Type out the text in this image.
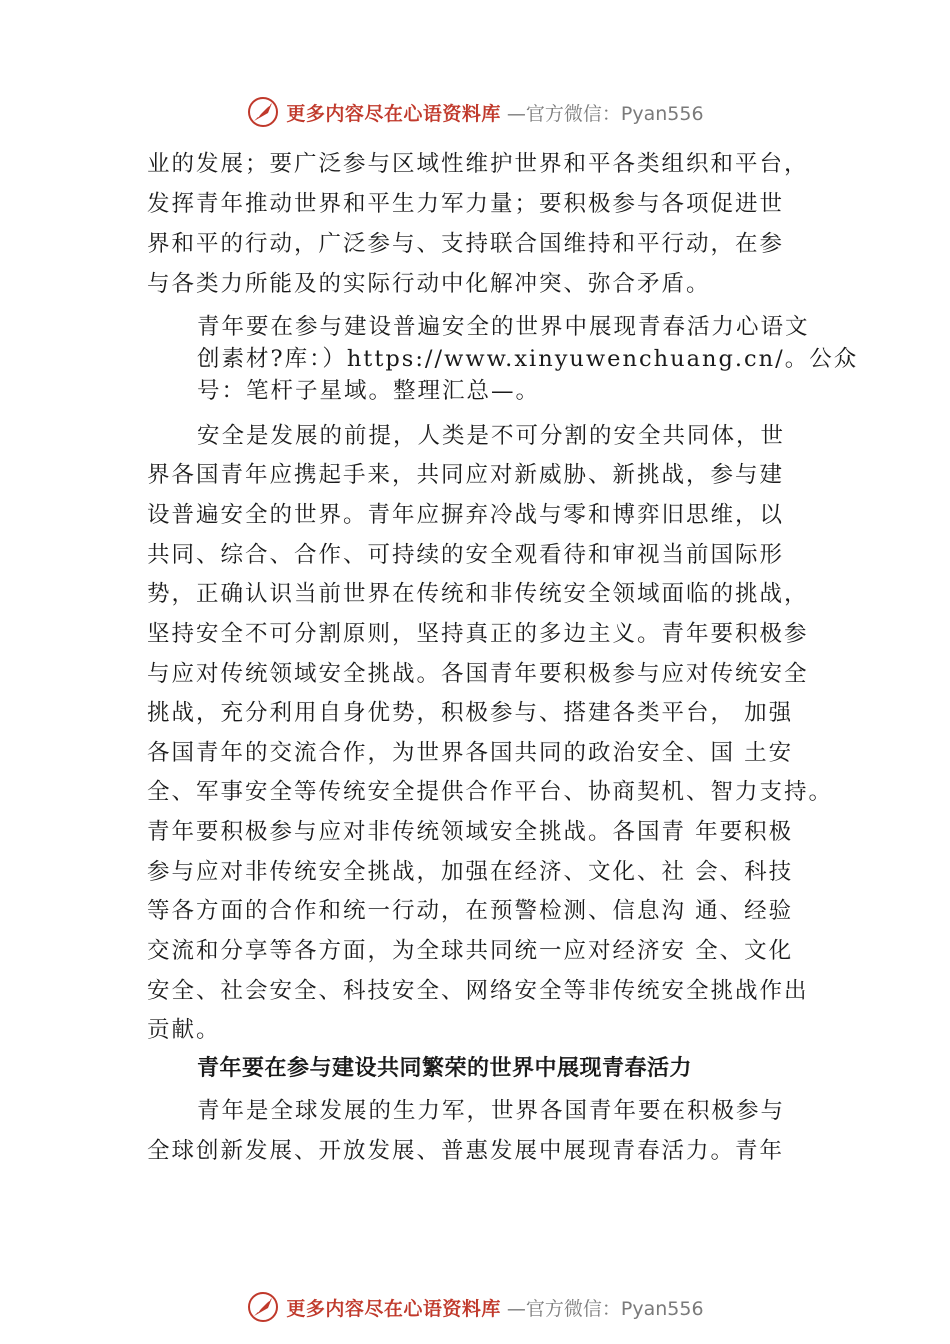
更多内容尽在心语资料库 —官方微信：Pyan556
业的发展；要广泛参与区域性维护世界和平各类组织和平台，
发挥青年推动世界和平生力军力量；要积极参与各项促进世
界和平的行动，广泛参与、支持联合国维持和平行动，在参
与各类力所能及的实际行动中化解冲突、弥合矛盾。
青年要在参与建设普遍安全的世界中展现青春活力心语文
创素材?库：）https://www.xinyuwenchuang.cn/。公众
号：笔杆子星域。整理汇总—。
安全是发展的前提，人类是不可分割的安全共同体，世
界各国青年应携起手来，共同应对新威胁、新挑战，参与建
设普遍安全的世界。青年应摒弃冷战与零和博弈旧思维，以
共同、综合、合作、可持续的安全观看待和审视当前国际形
势，正确认识当前世界在传统和非传统安全领域面临的挑战，
坚持安全不可分割原则，坚持真正的多边主义。青年要积极参
与应对传统领域安全挑战。各国青年要积极参与应对传统安全
挑战，充分利用自身优势，积极参与、搭建各类平台， 加强
各国青年的交流合作，为世界各国共同的政治安全、国 土安
全、军事安全等传统安全提供合作平台、协商契机、智力支持。
青年要积极参与应对非传统领域安全挑战。各国青 年要积极
参与应对非传统安全挑战，加强在经济、文化、社 会、科技
等各方面的合作和统一行动，在预警检测、信息沟 通、经验
交流和分享等各方面，为全球共同统一应对经济安 全、文化
安全、社会安全、科技安全、网络安全等非传统安全挑战作出
贡献。
青年要在参与建设共同繁荣的世界中展现青春活力
青年是全球发展的生力军，世界各国青年要在积极参与
全球创新发展、开放发展、普惠发展中展现青春活力。青年
更多内容尽在心语资料库 —官方微信：Pyan556
